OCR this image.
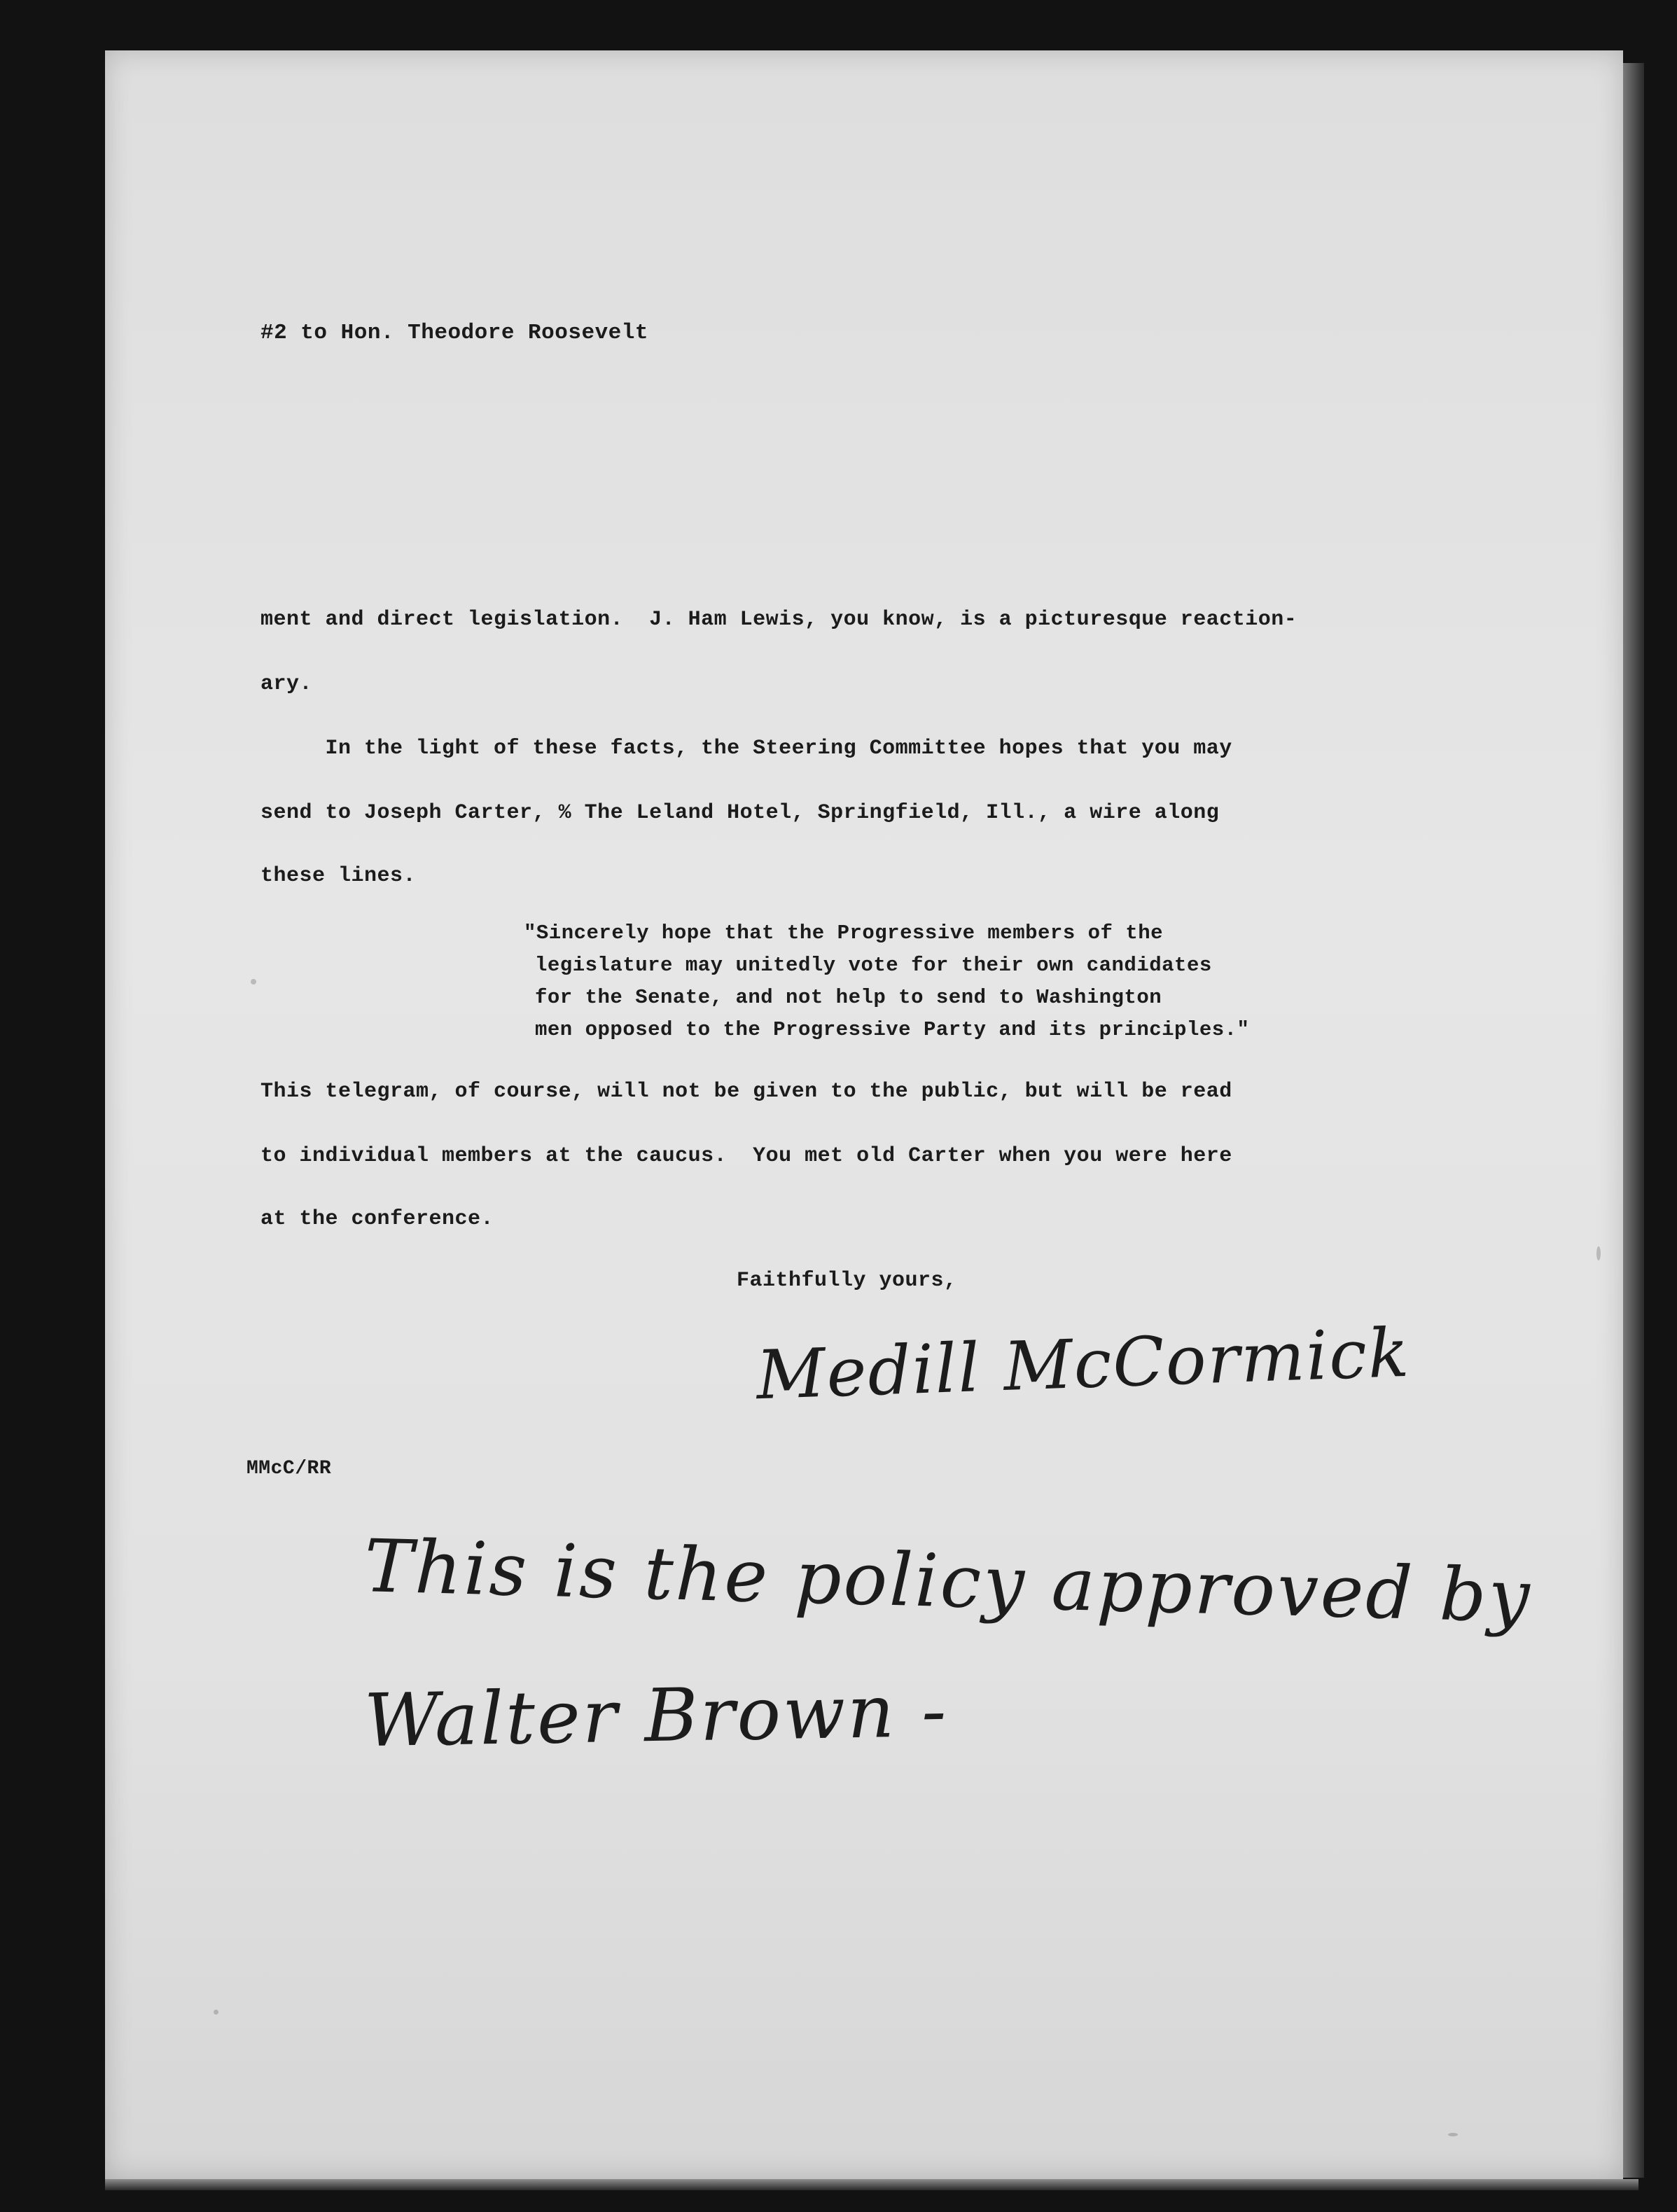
#2 to Hon. Theodore Roosevelt

ment and direct legislation.  J. Ham Lewis, you know, is a picturesque reaction-

ary.

In the light of these facts, the Steering Committee hopes that you may

send to Joseph Carter, % The Leland Hotel, Springfield, Ill., a wire along

these lines.

"Sincerely hope that the Progressive members of the

legislature may unitedly vote for their own candidates

for the Senate, and not help to send to Washington

men opposed to the Progressive Party and its principles."

This telegram, of course, will not be given to the public, but will be read

to individual members at the caucus.  You met old Carter when you were here

at the conference.

Faithfully yours,

Medill McCormick

MMcC/RR

This is the policy approved by
Walter Brown -
